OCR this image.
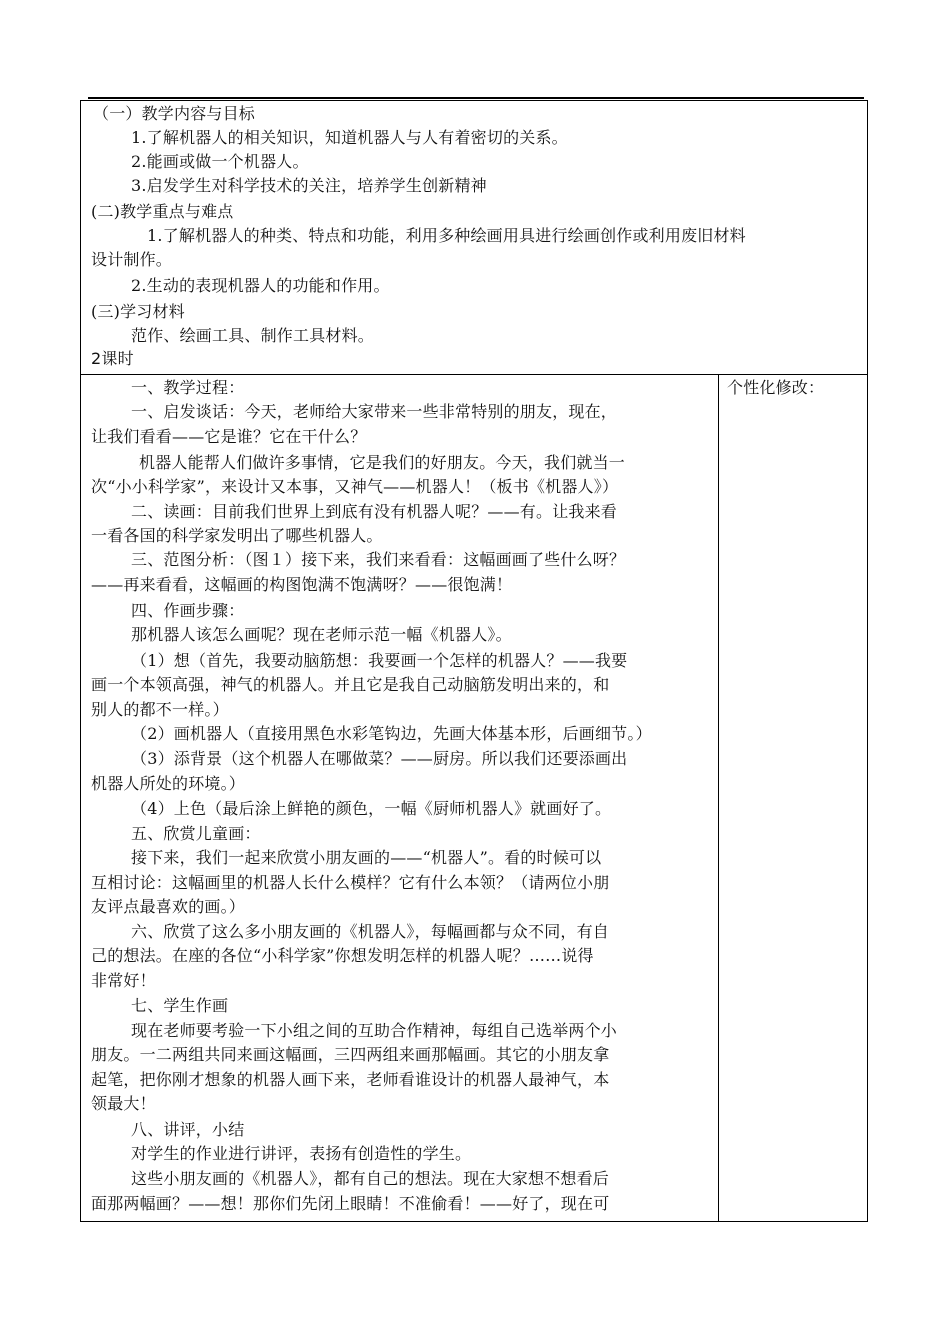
（一）教学内容与目标
1.了解机器人的相关知识，知道机器人与人有着密切的关系。
2.能画或做一个机器人。
3.启发学生对科学技术的关注，培养学生创新精神
(二)教学重点与难点
1.了解机器人的种类、特点和功能，利用多种绘画用具进行绘画创作或利用废旧材料
设计制作。
2.生动的表现机器人的功能和作用。
(三)学习材料
范作、绘画工具、制作工具材料。
2课时
一、教学过程：
一、启发谈话：今天，老师给大家带来一些非常特别的朋友，现在，
让我们看看——它是谁？它在干什么？
机器人能帮人们做许多事情，它是我们的好朋友。今天，我们就当一
次“小小科学家”，来设计又本事，又神气——机器人！（板书《机器人》）
二、读画：目前我们世界上到底有没有机器人呢？——有。让我来看
一看各国的科学家发明出了哪些机器人。
三、范图分析：（图１）接下来，我们来看看：这幅画画了些什么呀？
——再来看看，这幅画的构图饱满不饱满呀？——很饱满！
四、作画步骤：
那机器人该怎么画呢？现在老师示范一幅《机器人》。
（1）想（首先，我要动脑筋想：我要画一个怎样的机器人？——我要
画一个本领高强，神气的机器人。并且它是我自己动脑筋发明出来的，和
别人的都不一样。）
（2）画机器人（直接用黑色水彩笔钩边，先画大体基本形，后画细节。）
（3）添背景（这个机器人在哪做菜？——厨房。所以我们还要添画出
机器人所处的环境。）
（4）上色（最后涂上鲜艳的颜色，一幅《厨师机器人》就画好了。
五、欣赏儿童画：
接下来，我们一起来欣赏小朋友画的——“机器人”。看的时候可以
互相讨论：这幅画里的机器人长什么模样？它有什么本领？（请两位小朋
友评点最喜欢的画。）
六、欣赏了这么多小朋友画的《机器人》，每幅画都与众不同，有自
己的想法。在座的各位“小科学家”你想发明怎样的机器人呢？……说得
非常好！
七、学生作画
现在老师要考验一下小组之间的互助合作精神，每组自己选举两个小
朋友。一二两组共同来画这幅画，三四两组来画那幅画。其它的小朋友拿
起笔，把你刚才想象的机器人画下来，老师看谁设计的机器人最神气，本
领最大！
八、讲评，小结
对学生的作业进行讲评，表扬有创造性的学生。
这些小朋友画的《机器人》，都有自己的想法。现在大家想不想看后
面那两幅画？——想！那你们先闭上眼睛！不准偷看！——好了，现在可
个性化修改：
